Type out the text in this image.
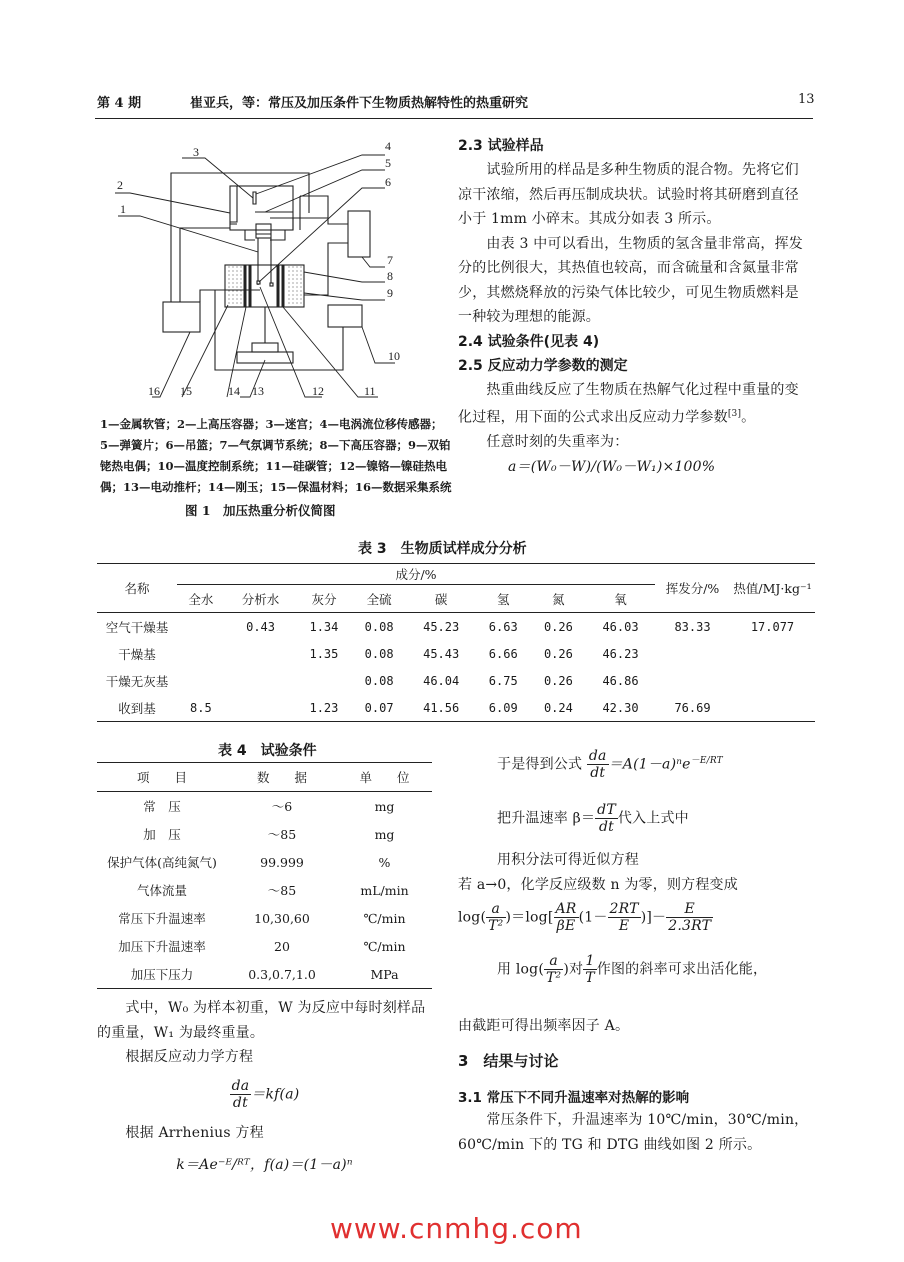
第 4 期	崔亚兵，等：常压及加压条件下生物质热解特性的热重研究	13
1
2
3	4
5
6
7
8
9
10
11
12
13
14
15
16
1—金属软管；2—上高压容器；3—迷宫；4—电涡流位移传感器；
5—弹簧片；6—吊篮；7—气氛调节系统；8—下高压容器；9—双铂
铑热电偶；10—温度控制系统；11—硅碳管；12—镍铬—镍硅热电
偶；13—电动推杆；14—刚玉；15—保温材料；16—数据采集系统
图 1　加压热重分析仪简图
2.3 试验样品
　　试验所用的样品是多种生物质的混合物。先将它们凉干浓缩，然后再压制成块状。试验时将其研磨到直径小于 1mm 小碎末。其成分如表 3 所示。
　　由表 3 中可以看出，生物质的氢含量非常高，挥发分的比例很大，其热值也较高，而含硫量和含氮量非常少，其燃烧释放的污染气体比较少，可见生物质燃料是一种较为理想的能源。
2.4 试验条件(见表 4)
2.5 反应动力学参数的测定
　　热重曲线反应了生物质在热解气化过程中重量的变化过程，用下面的公式求出反应动力学参数[3]。
　　任意时刻的失重率为：
a＝(W₀－W)/(W₀－W₁)×100%
表 3　生物质试样成分分析
名称	成分/%								挥发分/%	热值/MJ·kg⁻¹
	全水	分析水	灰分	全硫	碳	氢	氮	氧		
空气干燥基		0.43	1.34	0.08	45.23	6.63	0.26	46.03	83.33	17.077
干燥基			1.35	0.08	45.43	6.66	0.26	46.23		
干燥无灰基				0.08	46.04	6.75	0.26	46.86		
收到基	8.5		1.23	0.07	41.56	6.09	0.24	42.30	76.69	
表 4　试验条件
项　　目	数　　据	单　　位
常　压	～6	mg
加　压	～85	mg
保护气体(高纯氮气)	99.999	%
气体流量	～85	mL/min
常压下升温速率	10,30,60	℃/min
加压下升温速率	20	℃/min
加压下压力	0.3,0.7,1.0	MPa
　　式中，W₀ 为样本初重，W 为反应中每时刻样品的重量，W₁ 为最终重量。
　　根据反应动力学方程
$\frac{da}{dt} =kf(a)$
　　根据 Arrhenius 方程
k＝Ae⁻ᴱ/ᴿᵀ，f(a)＝(1－a)ⁿ
于是得到公式 $\frac{da}{dt} =A(1-a)^ne^{-E/RT}$
把升温速率 $\beta= \frac{dT}{dt}$ 代入上式中
用积分法可得近似方程
若 a→0，化学反应级数 n 为零，则方程变成
$\log( \frac{a}{\text{T²}} )=\log[ \frac{AR}{\beta E} (1- \frac{2RT}{E}$ )]－ $\frac{E}{2.3RT}$
用 $\log( \frac{a}{\text{T²}}$ )对 $\frac{1}{T}$ 作图的斜率可求出活化能，
由截距可得出频率因子 A。
3　结果与讨论
3.1 常压下不同升温速率对热解的影响
　　常压条件下，升温速率为 10℃/min，30℃/min，60℃/min 下的 TG 和 DTG 曲线如图 2 所示。
www.cnmhg.com
